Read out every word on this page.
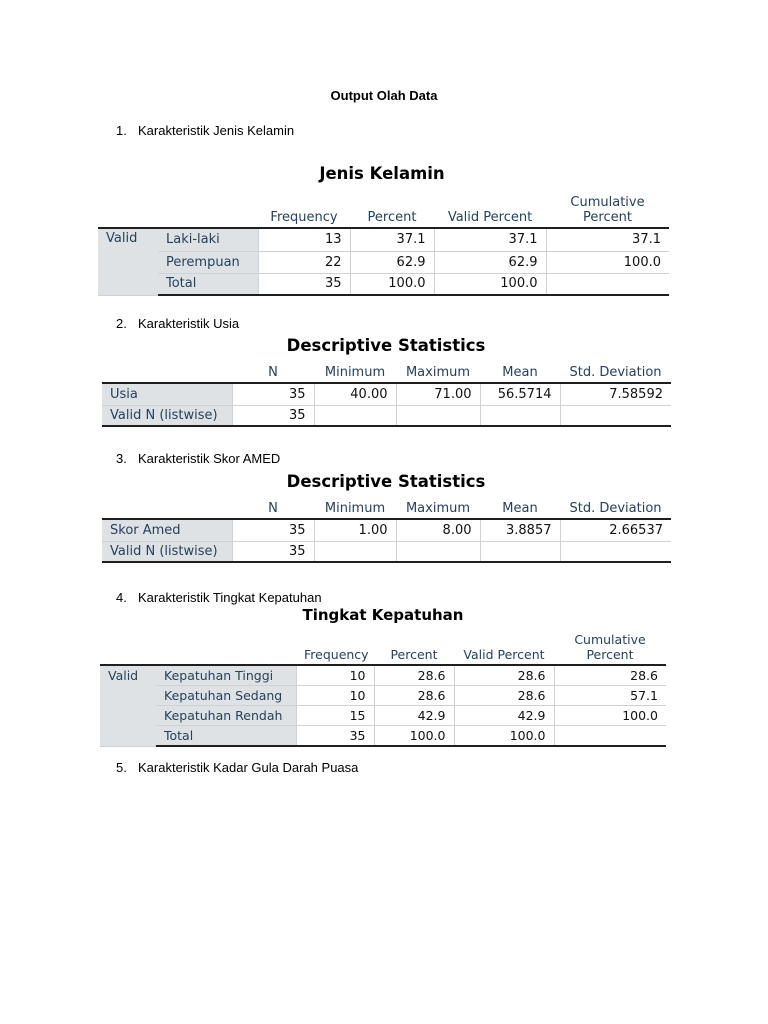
Output Olah Data
1. Karakteristik Jenis Kelamin
Jenis Kelamin
		Frequency	Percent	Valid Percent	Cumulative Percent
Valid	Laki-laki	13	37.1	37.1	37.1
	Perempuan	22	62.9	62.9	100.0
	Total	35	100.0	100.0	
2. Karakteristik Usia
Descriptive Statistics
	N	Minimum	Maximum	Mean	Std. Deviation
Usia	35	40.00	71.00	56.5714	7.58592
Valid N (listwise)	35				
3. Karakteristik Skor AMED
Descriptive Statistics
	N	Minimum	Maximum	Mean	Std. Deviation
Skor Amed	35	1.00	8.00	3.8857	2.66537
Valid N (listwise)	35				
4. Karakteristik Tingkat Kepatuhan
Tingkat Kepatuhan
		Frequency	Percent	Valid Percent	Cumulative Percent
Valid	Kepatuhan Tinggi	10	28.6	28.6	28.6
	Kepatuhan Sedang	10	28.6	28.6	57.1
	Kepatuhan Rendah	15	42.9	42.9	100.0
	Total	35	100.0	100.0	
5. Karakteristik Kadar Gula Darah Puasa
